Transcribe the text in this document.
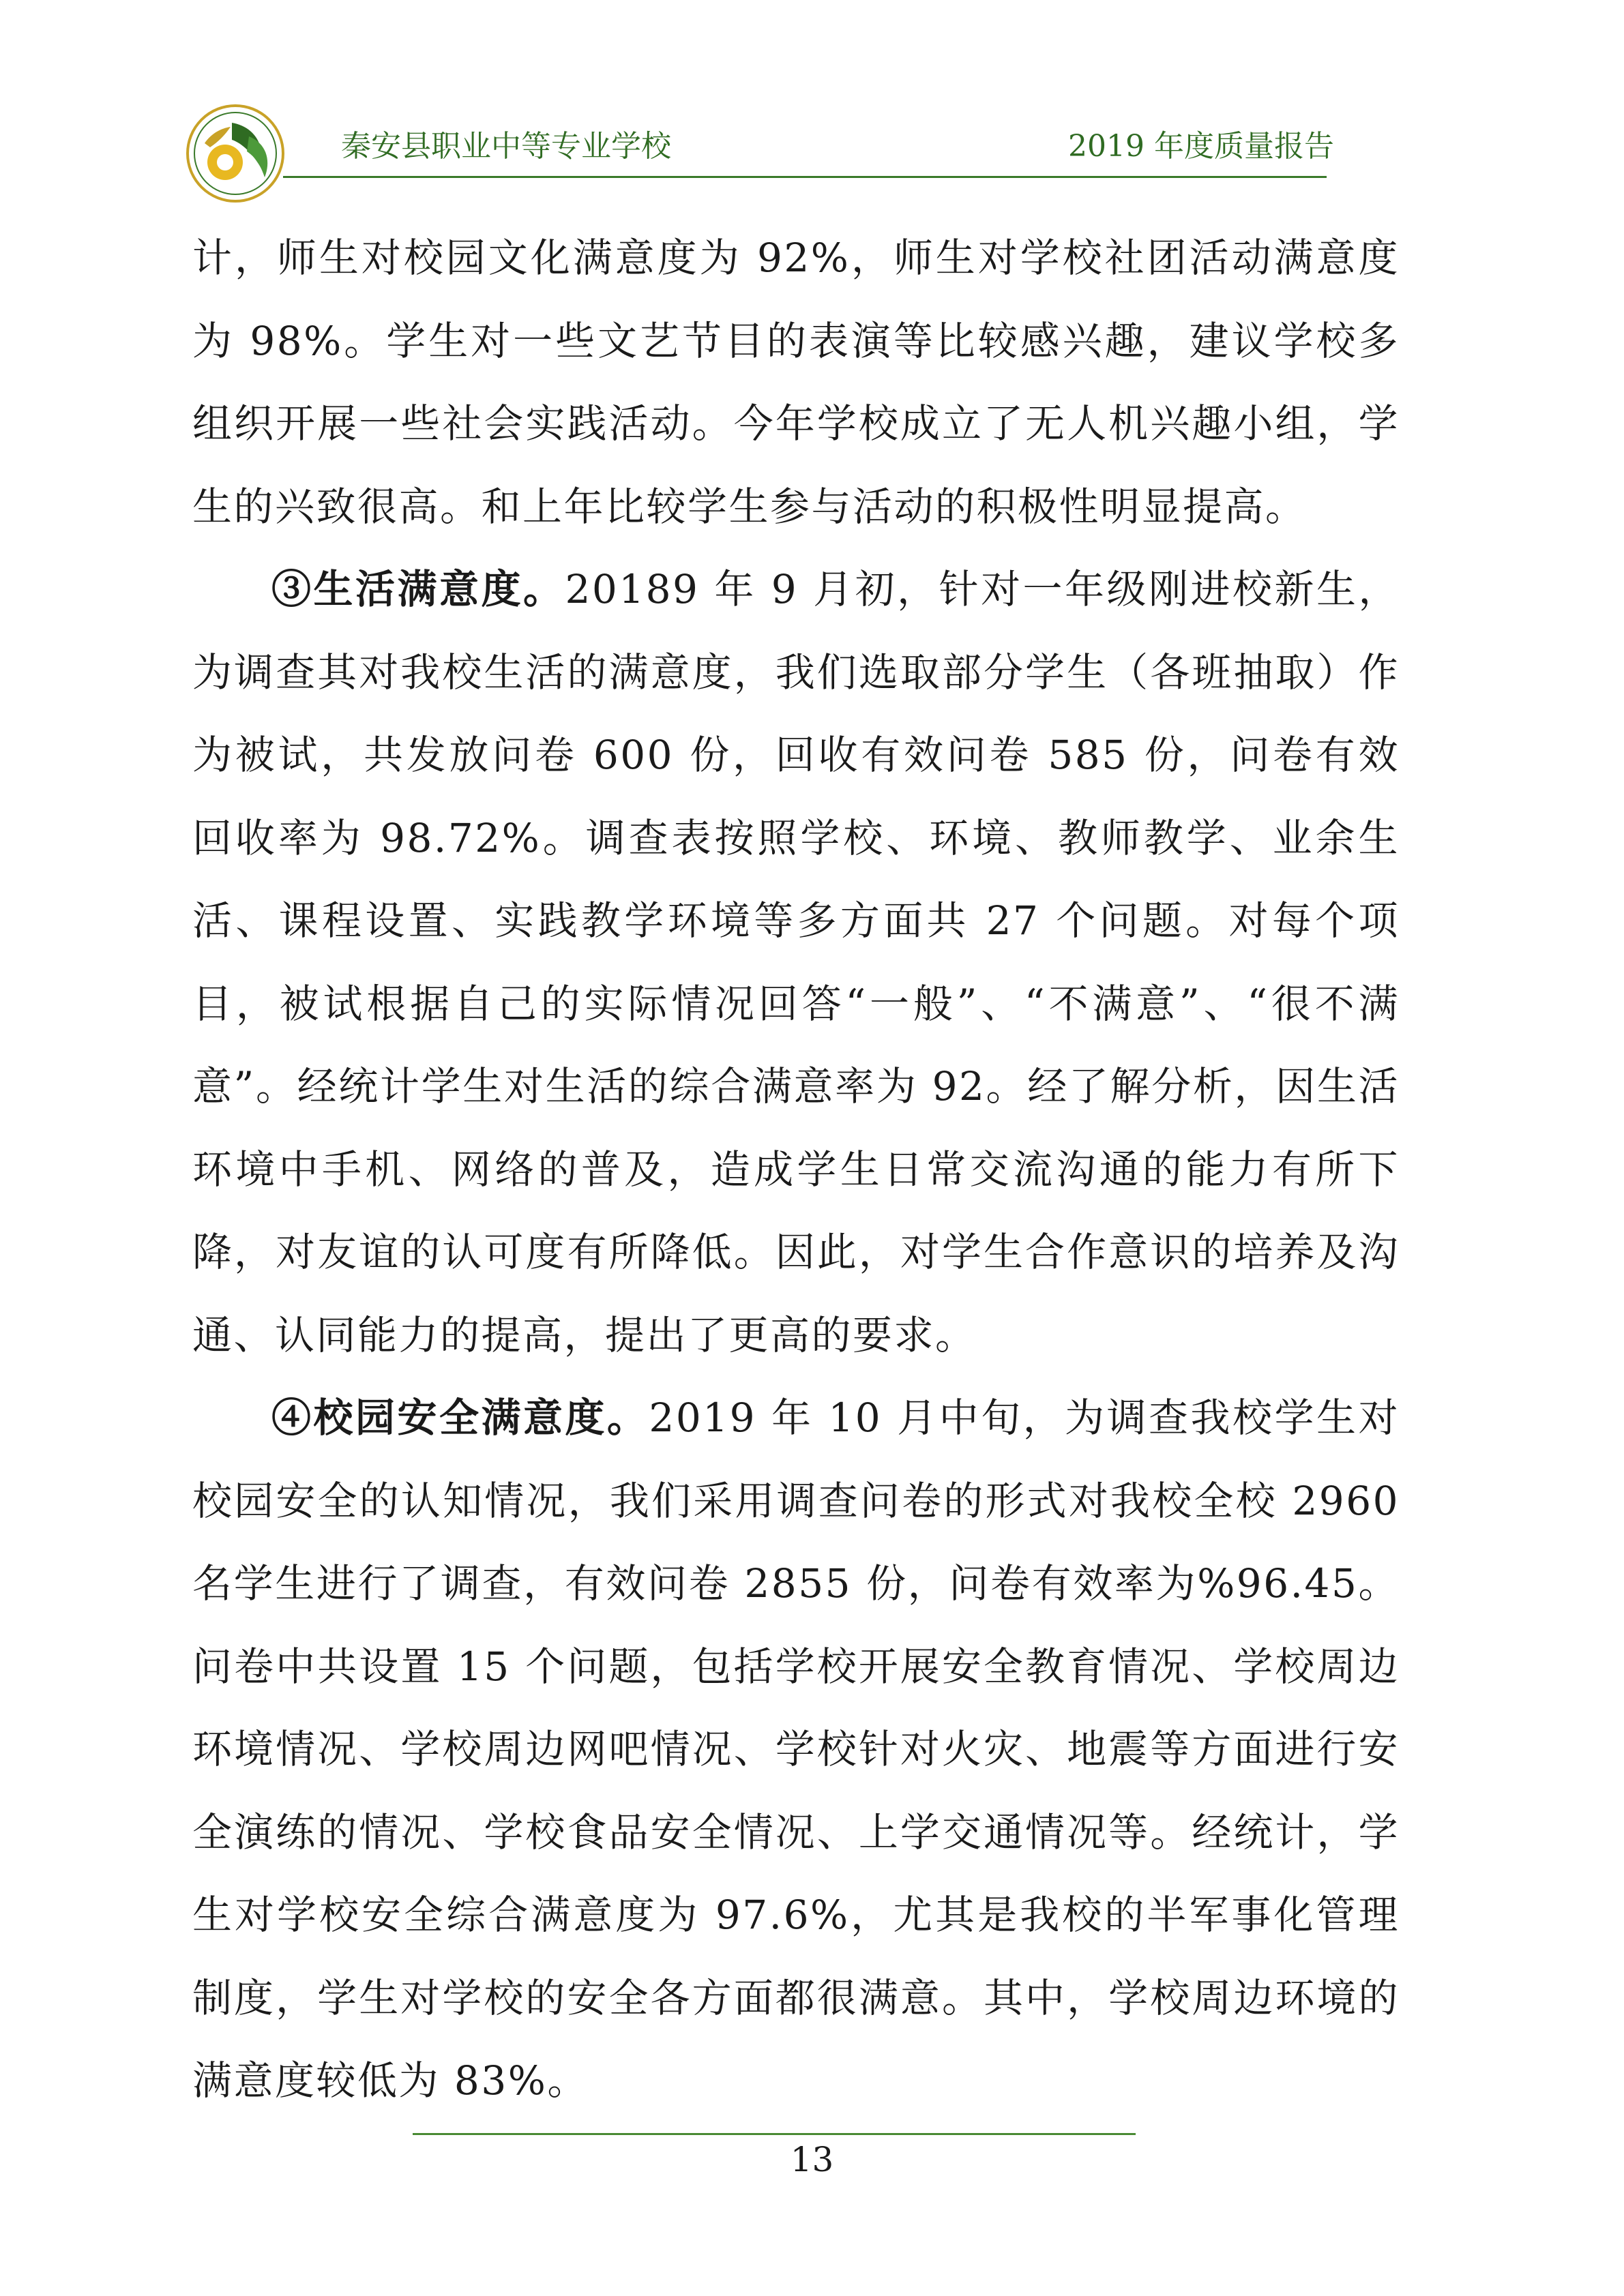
秦安县职业中等专业学校	2019 年度质量报告

计，师生对校园文化满意度为 92%，师生对学校社团活动满意度为 98%。学生对一些文艺节目的表演等比较感兴趣，建议学校多组织开展一些社会实践活动。今年学校成立了无人机兴趣小组，学生的兴致很高。和上年比较学生参与活动的积极性明显提高。

③生活满意度。20189 年 9 月初，针对一年级刚进校新生，为调查其对我校生活的满意度，我们选取部分学生（各班抽取）作为被试，共发放问卷 600 份，回收有效问卷 585 份，问卷有效回收率为 98.72%。调查表按照学校、环境、教师教学、业余生活、课程设置、实践教学环境等多方面共 27 个问题。对每个项目，被试根据自己的实际情况回答“一般”、“不满意”、“很不满意”。经统计学生对生活的综合满意率为 92。经了解分析，因生活环境中手机、网络的普及，造成学生日常交流沟通的能力有所下降，对友谊的认可度有所降低。因此，对学生合作意识的培养及沟通、认同能力的提高，提出了更高的要求。

④校园安全满意度。2019 年 10 月中旬，为调查我校学生对校园安全的认知情况，我们采用调查问卷的形式对我校全校 2960 名学生进行了调查，有效问卷 2855 份，问卷有效率为%96.45。问卷中共设置 15 个问题，包括学校开展安全教育情况、学校周边环境情况、学校周边网吧情况、学校针对火灾、地震等方面进行安全演练的情况、学校食品安全情况、上学交通情况等。经统计，学生对学校安全综合满意度为 97.6%，尤其是我校的半军事化管理制度，学生对学校的安全各方面都很满意。其中，学校周边环境的满意度较低为 83%。

13
